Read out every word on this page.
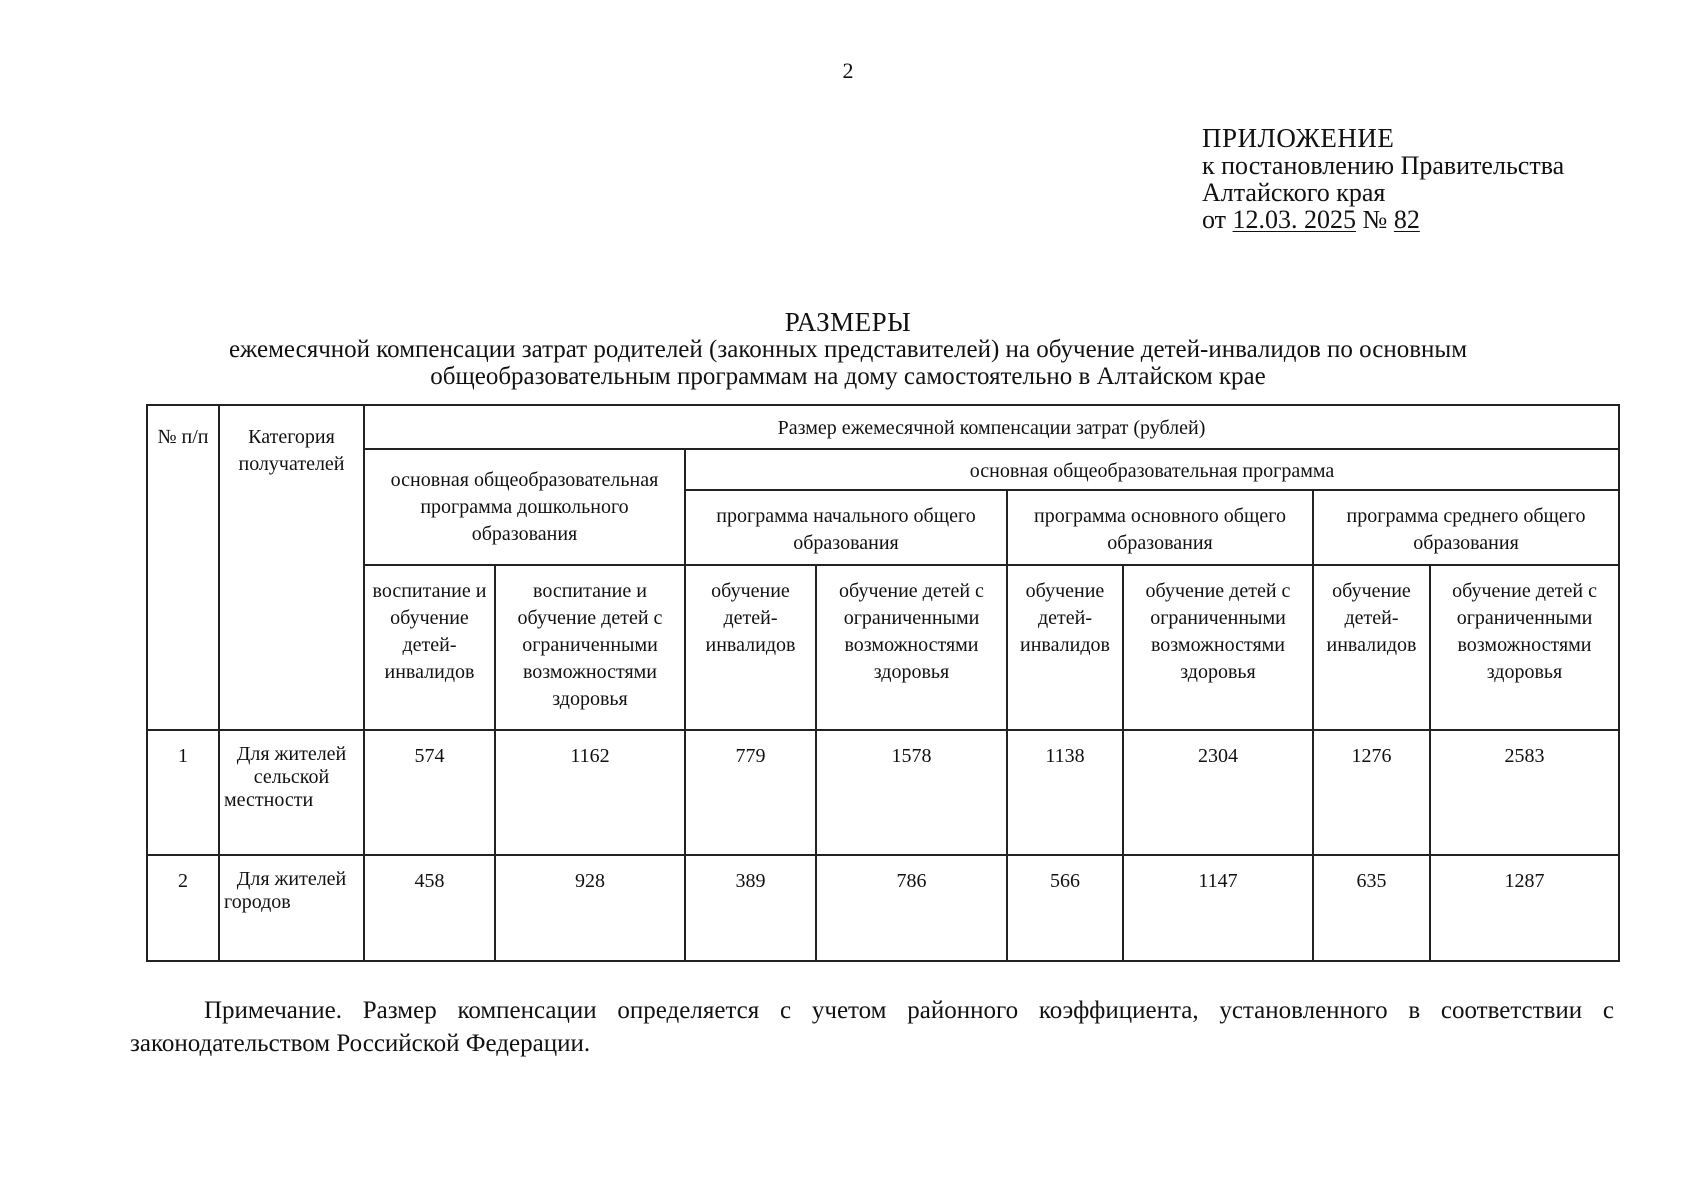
2
ПРИЛОЖЕНИЕ
к постановлению Правительства
Алтайского края
от 12.03. 2025 № 82
РАЗМЕРЫ
ежемесячной компенсации затрат родителей (законных представителей) на обучение детей-инвалидов по основным общеобразовательным программам на дому самостоятельно в Алтайском крае
№ п/п	Категория получателей	Размер ежемесячной компенсации затрат (рублей)							
		основная общеобразовательная программа дошкольного образования		основная общеобразовательная программа					
				программа начального общего образования		программа основного общего образования		программа среднего общего образования	
		воспитание и обучение детей-инвалидов	воспитание и обучение детей с ограниченными возможностями здоровья	обучение детей-инвалидов	обучение детей с ограниченными возможностями здоровья	обучение детей-инвалидов	обучение детей с ограниченными возможностями здоровья	обучение детей-инвалидов	обучение детей с ограниченными возможностями здоровья
1	Для жителей сельской местности	574	1162	779	1578	1138	2304	1276	2583
2	Для жителей городов	458	928	389	786	566	1147	635	1287
Примечание. Размер компенсации определяется с учетом районного коэффициента, установленного в соответствии с законодательством Российской Федерации.
